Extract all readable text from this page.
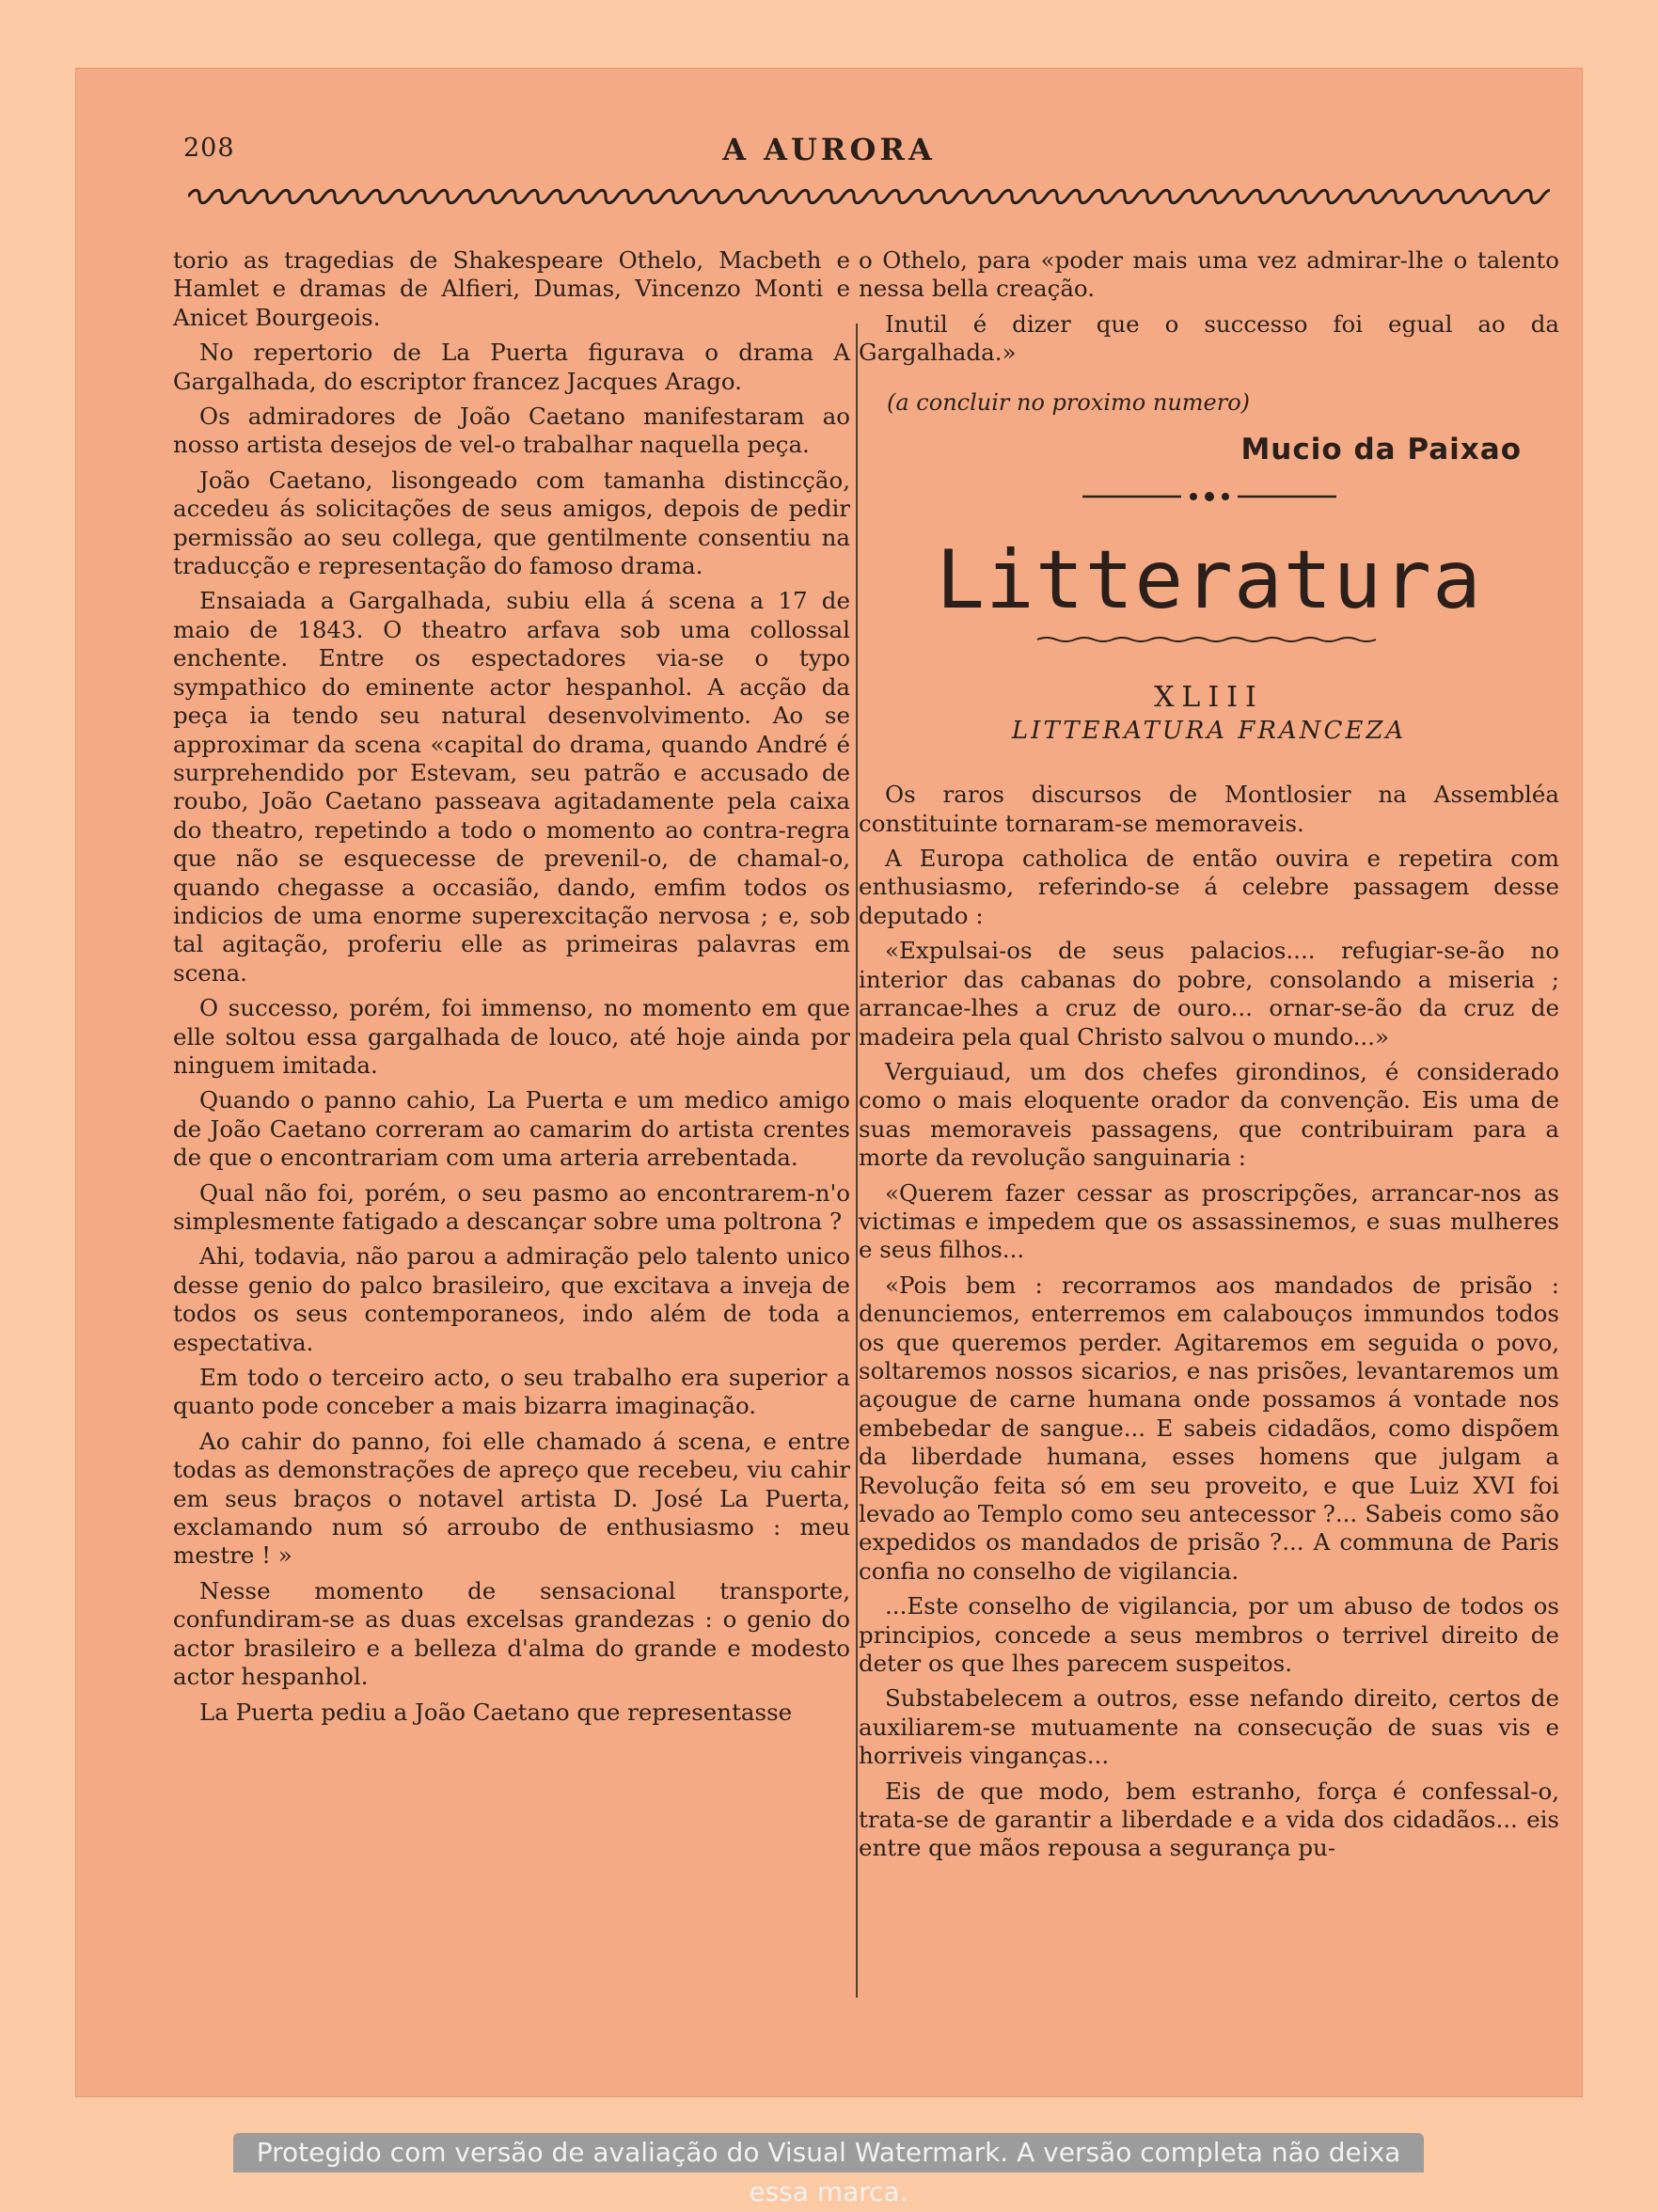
208	A AURORA

torio as tragedias de Shakespeare Othelo, Macbeth e Hamlet e dramas de Alfieri, Dumas, Vincenzo Monti e Anicet Bourgeois.

No repertorio de La Puerta figurava o drama A Gargalhada, do escriptor francez Jacques Arago.

Os admiradores de João Caetano manifestaram ao nosso artista desejos de vel-o trabalhar naquella peça.

João Caetano, lisongeado com tamanha distincção, accedeu ás solicitações de seus amigos, depois de pedir permissão ao seu collega, que gentilmente consentiu na traducção e representação do famoso drama.

Ensaiada a Gargalhada, subiu ella á scena a 17 de maio de 1843. O theatro arfava sob uma collossal enchente. Entre os espectadores via-se o typo sympathico do eminente actor hespanhol. A acção da peça ia tendo seu natural desenvolvimento. Ao se approximar da scena «capital do drama, quando André é surprehendido por Estevam, seu patrão e accusado de roubo, João Caetano passeava agitadamente pela caixa do theatro, repetindo a todo o momento ao contra-regra que não se esquecesse de prevenil-o, de chamal-o, quando chegasse a occasião, dando, emfim todos os indicios de uma enorme superexcitação nervosa ; e, sob tal agitação, proferiu elle as primeiras palavras em scena.

O successo, porém, foi immenso, no momento em que elle soltou essa gargalhada de louco, até hoje ainda por ninguem imitada.

Quando o panno cahio, La Puerta e um medico amigo de João Caetano correram ao camarim do artista crentes de que o encontrariam com uma arteria arrebentada.

Qual não foi, porém, o seu pasmo ao encontrarem-n'o simplesmente fatigado a descançar sobre uma poltrona ?

Ahi, todavia, não parou a admiração pelo talento unico desse genio do palco brasileiro, que excitava a inveja de todos os seus contemporaneos, indo além de toda a espectativa.

Em todo o terceiro acto, o seu trabalho era superior a quanto pode conceber a mais bizarra imaginação.

Ao cahir do panno, foi elle chamado á scena, e entre todas as demonstrações de apreço que recebeu, viu cahir em seus braços o notavel artista D. José La Puerta, exclamando num só arroubo de enthusiasmo : meu mestre ! »

Nesse momento de sensacional transporte, confundiram-se as duas excelsas grandezas : o genio do actor brasileiro e a belleza d'alma do grande e modesto actor hespanhol.

La Puerta pediu a João Caetano que representasse

o Othelo, para «poder mais uma vez admirar-lhe o talento nessa bella creação.

Inutil é dizer que o successo foi egual ao da Gargalhada.»

(a concluir no proximo numero)
Mucio da Paixao
Litteratura
XLIII
LITTERATURA FRANCEZA

Os raros discursos de Montlosier na Assembléa constituinte tornaram-se memoraveis.

A Europa catholica de então ouvira e repetira com enthusiasmo, referindo-se á celebre passagem desse deputado :

«Expulsai-os de seus palacios.... refugiar-se-ão no interior das cabanas do pobre, consolando a miseria ; arrancae-lhes a cruz de ouro... ornar-se-ão da cruz de madeira pela qual Christo salvou o mundo...»

Verguiaud, um dos chefes girondinos, é considerado como o mais eloquente orador da convenção. Eis uma de suas memoraveis passagens, que contribuiram para a morte da revolução sanguinaria :

«Querem fazer cessar as proscripções, arrancar-nos as victimas e impedem que os assassinemos, e suas mulheres e seus filhos...

«Pois bem : recorramos aos mandados de prisão : denunciemos, enterremos em calabouços immundos todos os que queremos perder. Agitaremos em seguida o povo, soltaremos nossos sicarios, e nas prisões, levantaremos um açougue de carne humana onde possamos á vontade nos embebedar de sangue... E sabeis cidadãos, como dispõem da liberdade humana, esses homens que julgam a Revolução feita só em seu proveito, e que Luiz XVI foi levado ao Templo como seu antecessor ?... Sabeis como são expedidos os mandados de prisão ?... A communa de Paris confia no conselho de vigilancia.

...Este conselho de vigilancia, por um abuso de todos os principios, concede a seus membros o terrivel direito de deter os que lhes parecem suspeitos.

Substabelecem a outros, esse nefando direito, certos de auxiliarem-se mutuamente na consecução de suas vis e horriveis vinganças...

Eis de que modo, bem estranho, força é confessal-o, trata-se de garantir a liberdade e a vida dos cidadãos... eis entre que mãos repousa a segurança pu-

Protegido com versão de avaliação do Visual Watermark. A versão completa não deixa essa marca.
